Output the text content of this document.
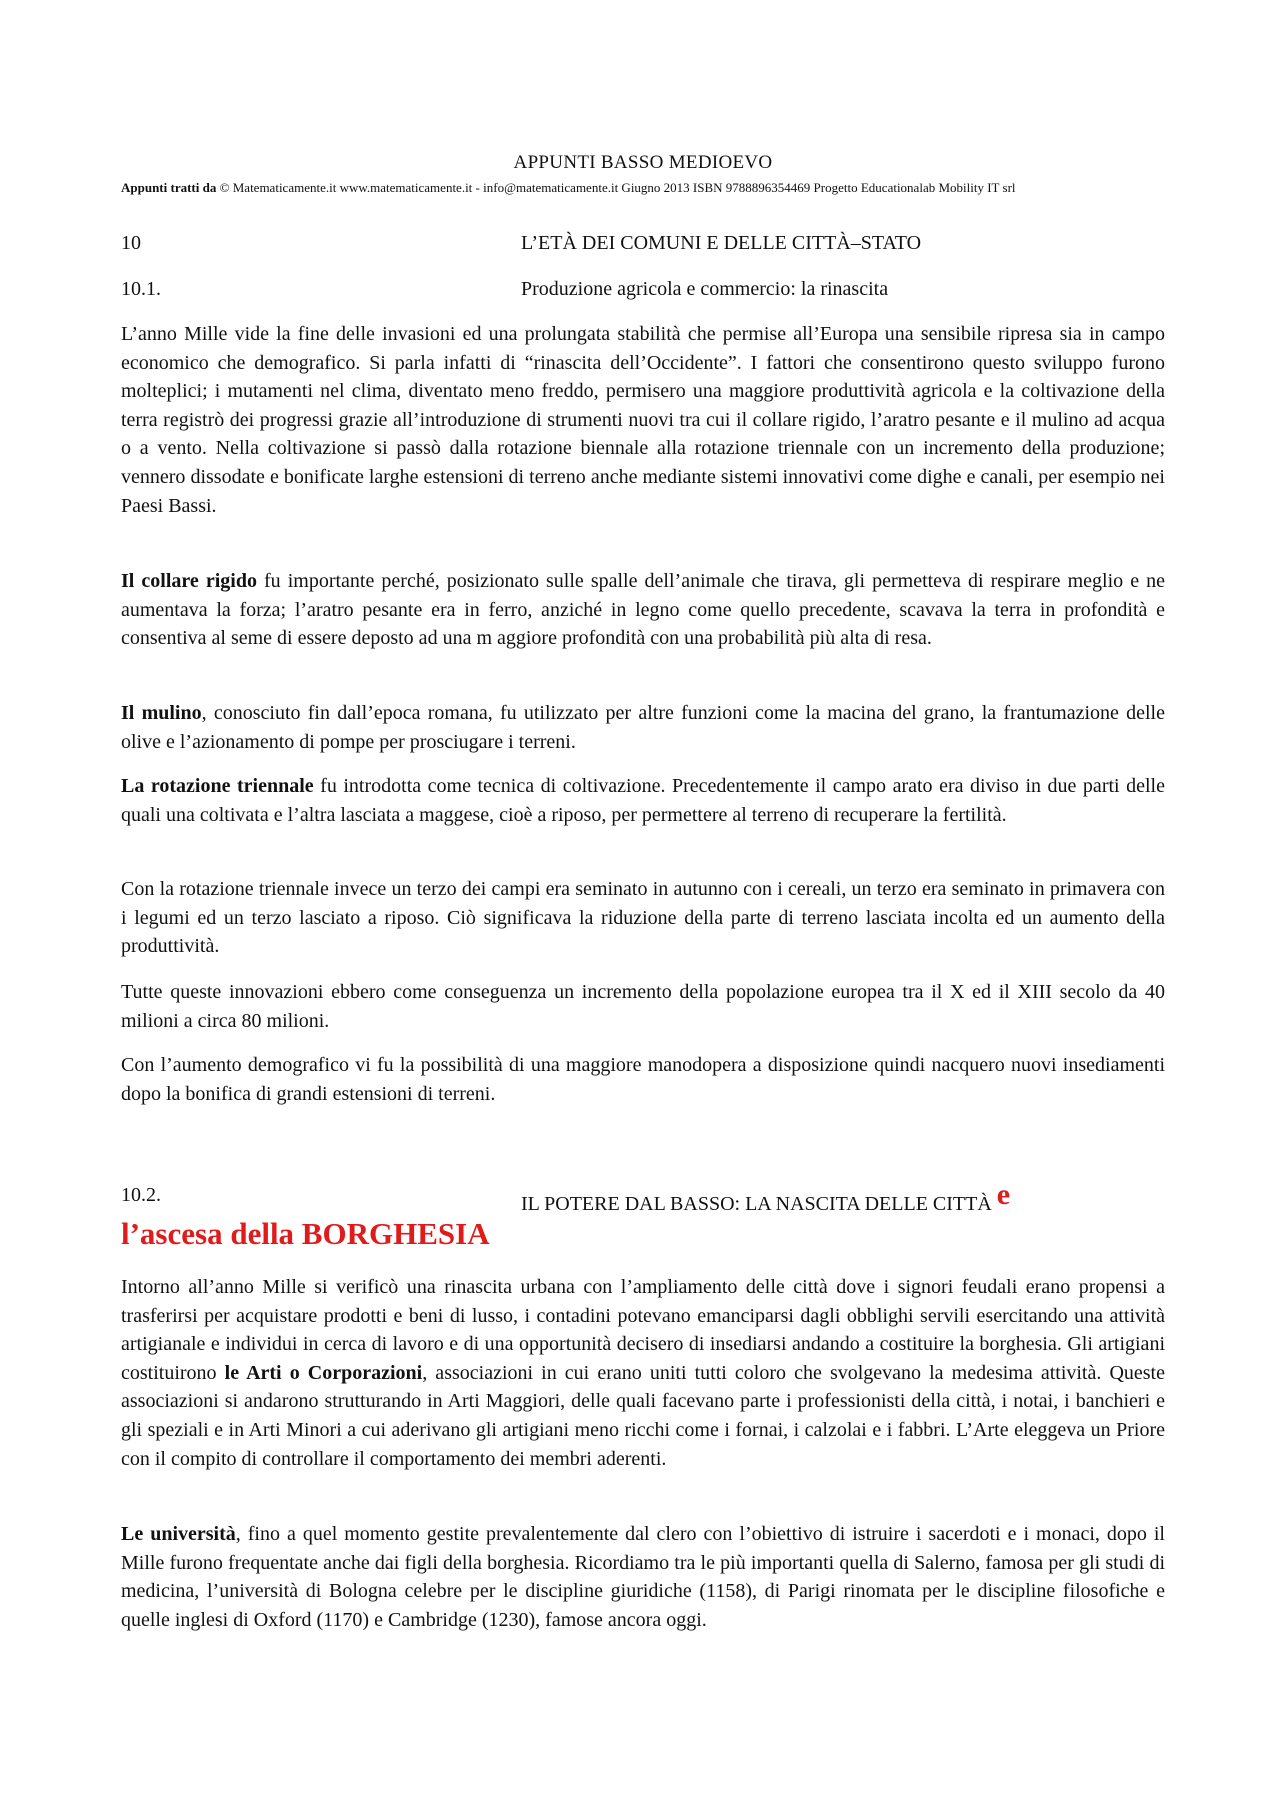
APPUNTI BASSO MEDIOEVO
Appunti tratti da © Matematicamente.it www.matematicamente.it - info@matematicamente.it Giugno 2013 ISBN 9788896354469 Progetto Educationalab Mobility IT srl
10	L’ETÀ DEI COMUNI E DELLE CITTÀ–STATO
10.1.	Produzione agricola e commercio: la rinascita

L’anno Mille vide la fine delle invasioni ed una prolungata stabilità che permise all’Europa una sensibile ripresa sia in campo economico che demografico. Si parla infatti di “rinascita dell’Occidente”. I fattori che consentirono questo sviluppo furono molteplici; i mutamenti nel clima, diventato meno freddo, permisero una maggiore produttività agricola e la coltivazione della terra registrò dei progressi grazie all’introduzione di strumenti nuovi tra cui il collare rigido, l’aratro pesante e il mulino ad acqua o a vento. Nella coltivazione si passò dalla rotazione biennale alla rotazione triennale con un incremento della produzione; vennero dissodate e bonificate larghe estensioni di terreno anche mediante sistemi innovativi come dighe e canali, per esempio nei Paesi Bassi.

Il collare rigido fu importante perché, posizionato sulle spalle dell’animale che tirava, gli permetteva di respirare meglio e ne aumentava la forza; l’aratro pesante era in ferro, anziché in legno come quello precedente, scavava la terra in profondità e consentiva al seme di essere deposto ad una m aggiore profondità con una probabilità più alta di resa.

Il mulino, conosciuto fin dall’epoca romana, fu utilizzato per altre funzioni come la macina del grano, la frantumazione delle olive e l’azionamento di pompe per prosciugare i terreni.

La rotazione triennale fu introdotta come tecnica di coltivazione. Precedentemente il campo arato era diviso in due parti delle quali una coltivata e l’altra lasciata a maggese, cioè a riposo, per permettere al terreno di recuperare la fertilità.

Con la rotazione triennale invece un terzo dei campi era seminato in autunno con i cereali, un terzo era seminato in primavera con i legumi ed un terzo lasciato a riposo. Ciò significava la riduzione della parte di terreno lasciata incolta ed un aumento della produttività.

Tutte queste innovazioni ebbero come conseguenza un incremento della popolazione europea tra il X ed il XIII secolo da 40 milioni a circa 80 milioni.

Con l’aumento demografico vi fu la possibilità di una maggiore manodopera a disposizione quindi nacquero nuovi insediamenti dopo la bonifica di grandi estensioni di terreni.

10.2.	IL POTERE DAL BASSO: LA NASCITA DELLE CITTÀ e
l’ascesa della BORGHESIA

Intorno all’anno Mille si verificò una rinascita urbana con l’ampliamento delle città dove i signori feudali erano propensi a trasferirsi per acquistare prodotti e beni di lusso, i contadini potevano emanciparsi dagli obblighi servili esercitando una attività artigianale e individui in cerca di lavoro e di una opportunità decisero di insediarsi andando a costituire la borghesia. Gli artigiani costituirono le Arti o Corporazioni, associazioni in cui erano uniti tutti coloro che svolgevano la medesima attività. Queste associazioni si andarono strutturando in Arti Maggiori, delle quali facevano parte i professionisti della città, i notai, i banchieri e gli speziali e in Arti Minori a cui aderivano gli artigiani meno ricchi come i fornai, i calzolai e i fabbri. L’Arte eleggeva un Priore con il compito di controllare il comportamento dei membri aderenti.

Le università, fino a quel momento gestite prevalentemente dal clero con l’obiettivo di istruire i sacerdoti e i monaci, dopo il Mille furono frequentate anche dai figli della borghesia. Ricordiamo tra le più importanti quella di Salerno, famosa per gli studi di medicina, l’università di Bologna celebre per le discipline giuridiche (1158), di Parigi rinomata per le discipline filosofiche e quelle inglesi di Oxford (1170) e Cambridge (1230), famose ancora oggi.
